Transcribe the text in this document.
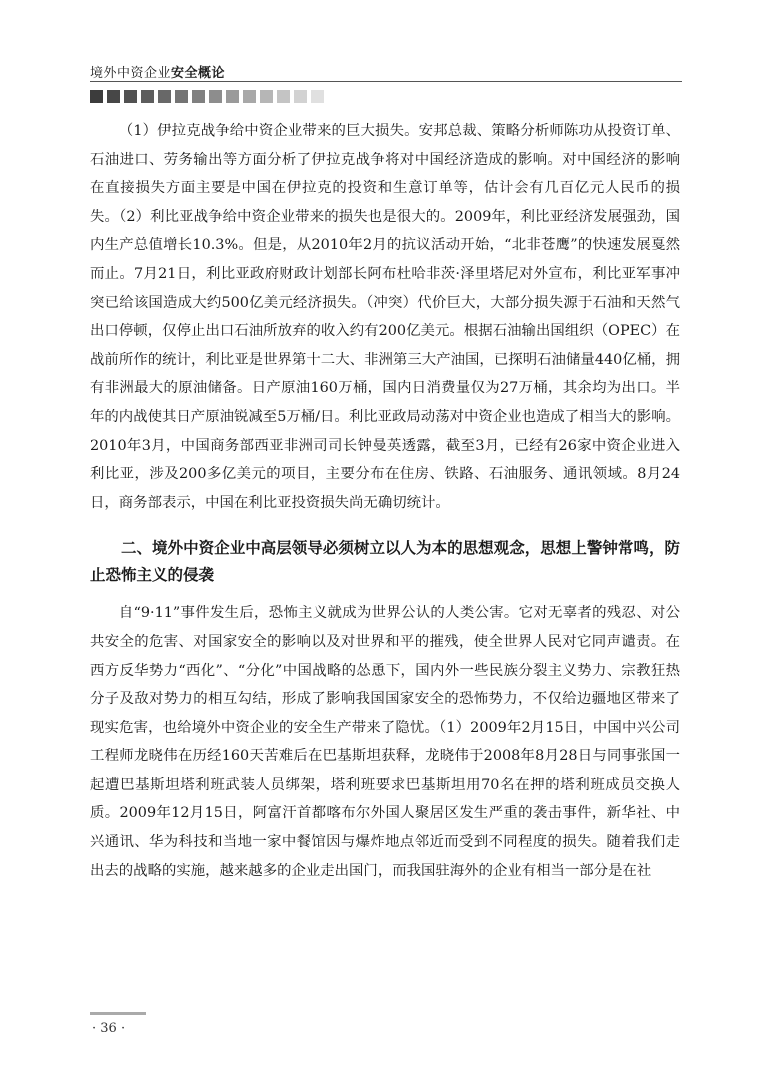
境外中资企业安全概论

（1）伊拉克战争给中资企业带来的巨大损失。安邦总裁、策略分析师陈功从投资订单、石油进口、劳务输出等方面分析了伊拉克战争将对中国经济造成的影响。对中国经济的影响在直接损失方面主要是中国在伊拉克的投资和生意订单等，估计会有几百亿元人民币的损失。（2）利比亚战争给中资企业带来的损失也是很大的。2009年，利比亚经济发展强劲，国内生产总值增长10.3%。但是，从2010年2月的抗议活动开始，“北非苍鹰”的快速发展戛然而止。7月21日，利比亚政府财政计划部长阿布杜哈非茨·泽里塔尼对外宣布，利比亚军事冲突已给该国造成大约500亿美元经济损失。（冲突）代价巨大，大部分损失源于石油和天然气出口停顿，仅停止出口石油所放弃的收入约有200亿美元。根据石油输出国组织（OPEC）在战前所作的统计，利比亚是世界第十二大、非洲第三大产油国，已探明石油储量440亿桶，拥有非洲最大的原油储备。日产原油160万桶，国内日消费量仅为27万桶，其余均为出口。半年的内战使其日产原油锐减至5万桶/日。利比亚政局动荡对中资企业也造成了相当大的影响。2010年3月，中国商务部西亚非洲司司长钟曼英透露，截至3月，已经有26家中资企业进入利比亚，涉及200多亿美元的项目，主要分布在住房、铁路、石油服务、通讯领域。8月24日，商务部表示，中国在利比亚投资损失尚无确切统计。

二、境外中资企业中高层领导必须树立以人为本的思想观念，思想上警钟常鸣，防止恐怖主义的侵袭

自“9·11”事件发生后，恐怖主义就成为世界公认的人类公害。它对无辜者的残忍、对公共安全的危害、对国家安全的影响以及对世界和平的摧残，使全世界人民对它同声谴责。在西方反华势力“西化”、“分化”中国战略的怂恿下，国内外一些民族分裂主义势力、宗教狂热分子及敌对势力的相互勾结，形成了影响我国国家安全的恐怖势力，不仅给边疆地区带来了现实危害，也给境外中资企业的安全生产带来了隐忧。（1）2009年2月15日，中国中兴公司工程师龙晓伟在历经160天苦难后在巴基斯坦获释，龙晓伟于2008年8月28日与同事张国一起遭巴基斯坦塔利班武装人员绑架，塔利班要求巴基斯坦用70名在押的塔利班成员交换人质。2009年12月15日，阿富汗首都喀布尔外国人聚居区发生严重的袭击事件，新华社、中兴通讯、华为科技和当地一家中餐馆因与爆炸地点邻近而受到不同程度的损失。随着我们走出去的战略的实施，越来越多的企业走出国门，而我国驻海外的企业有相当一部分是在社

· 36 ·
